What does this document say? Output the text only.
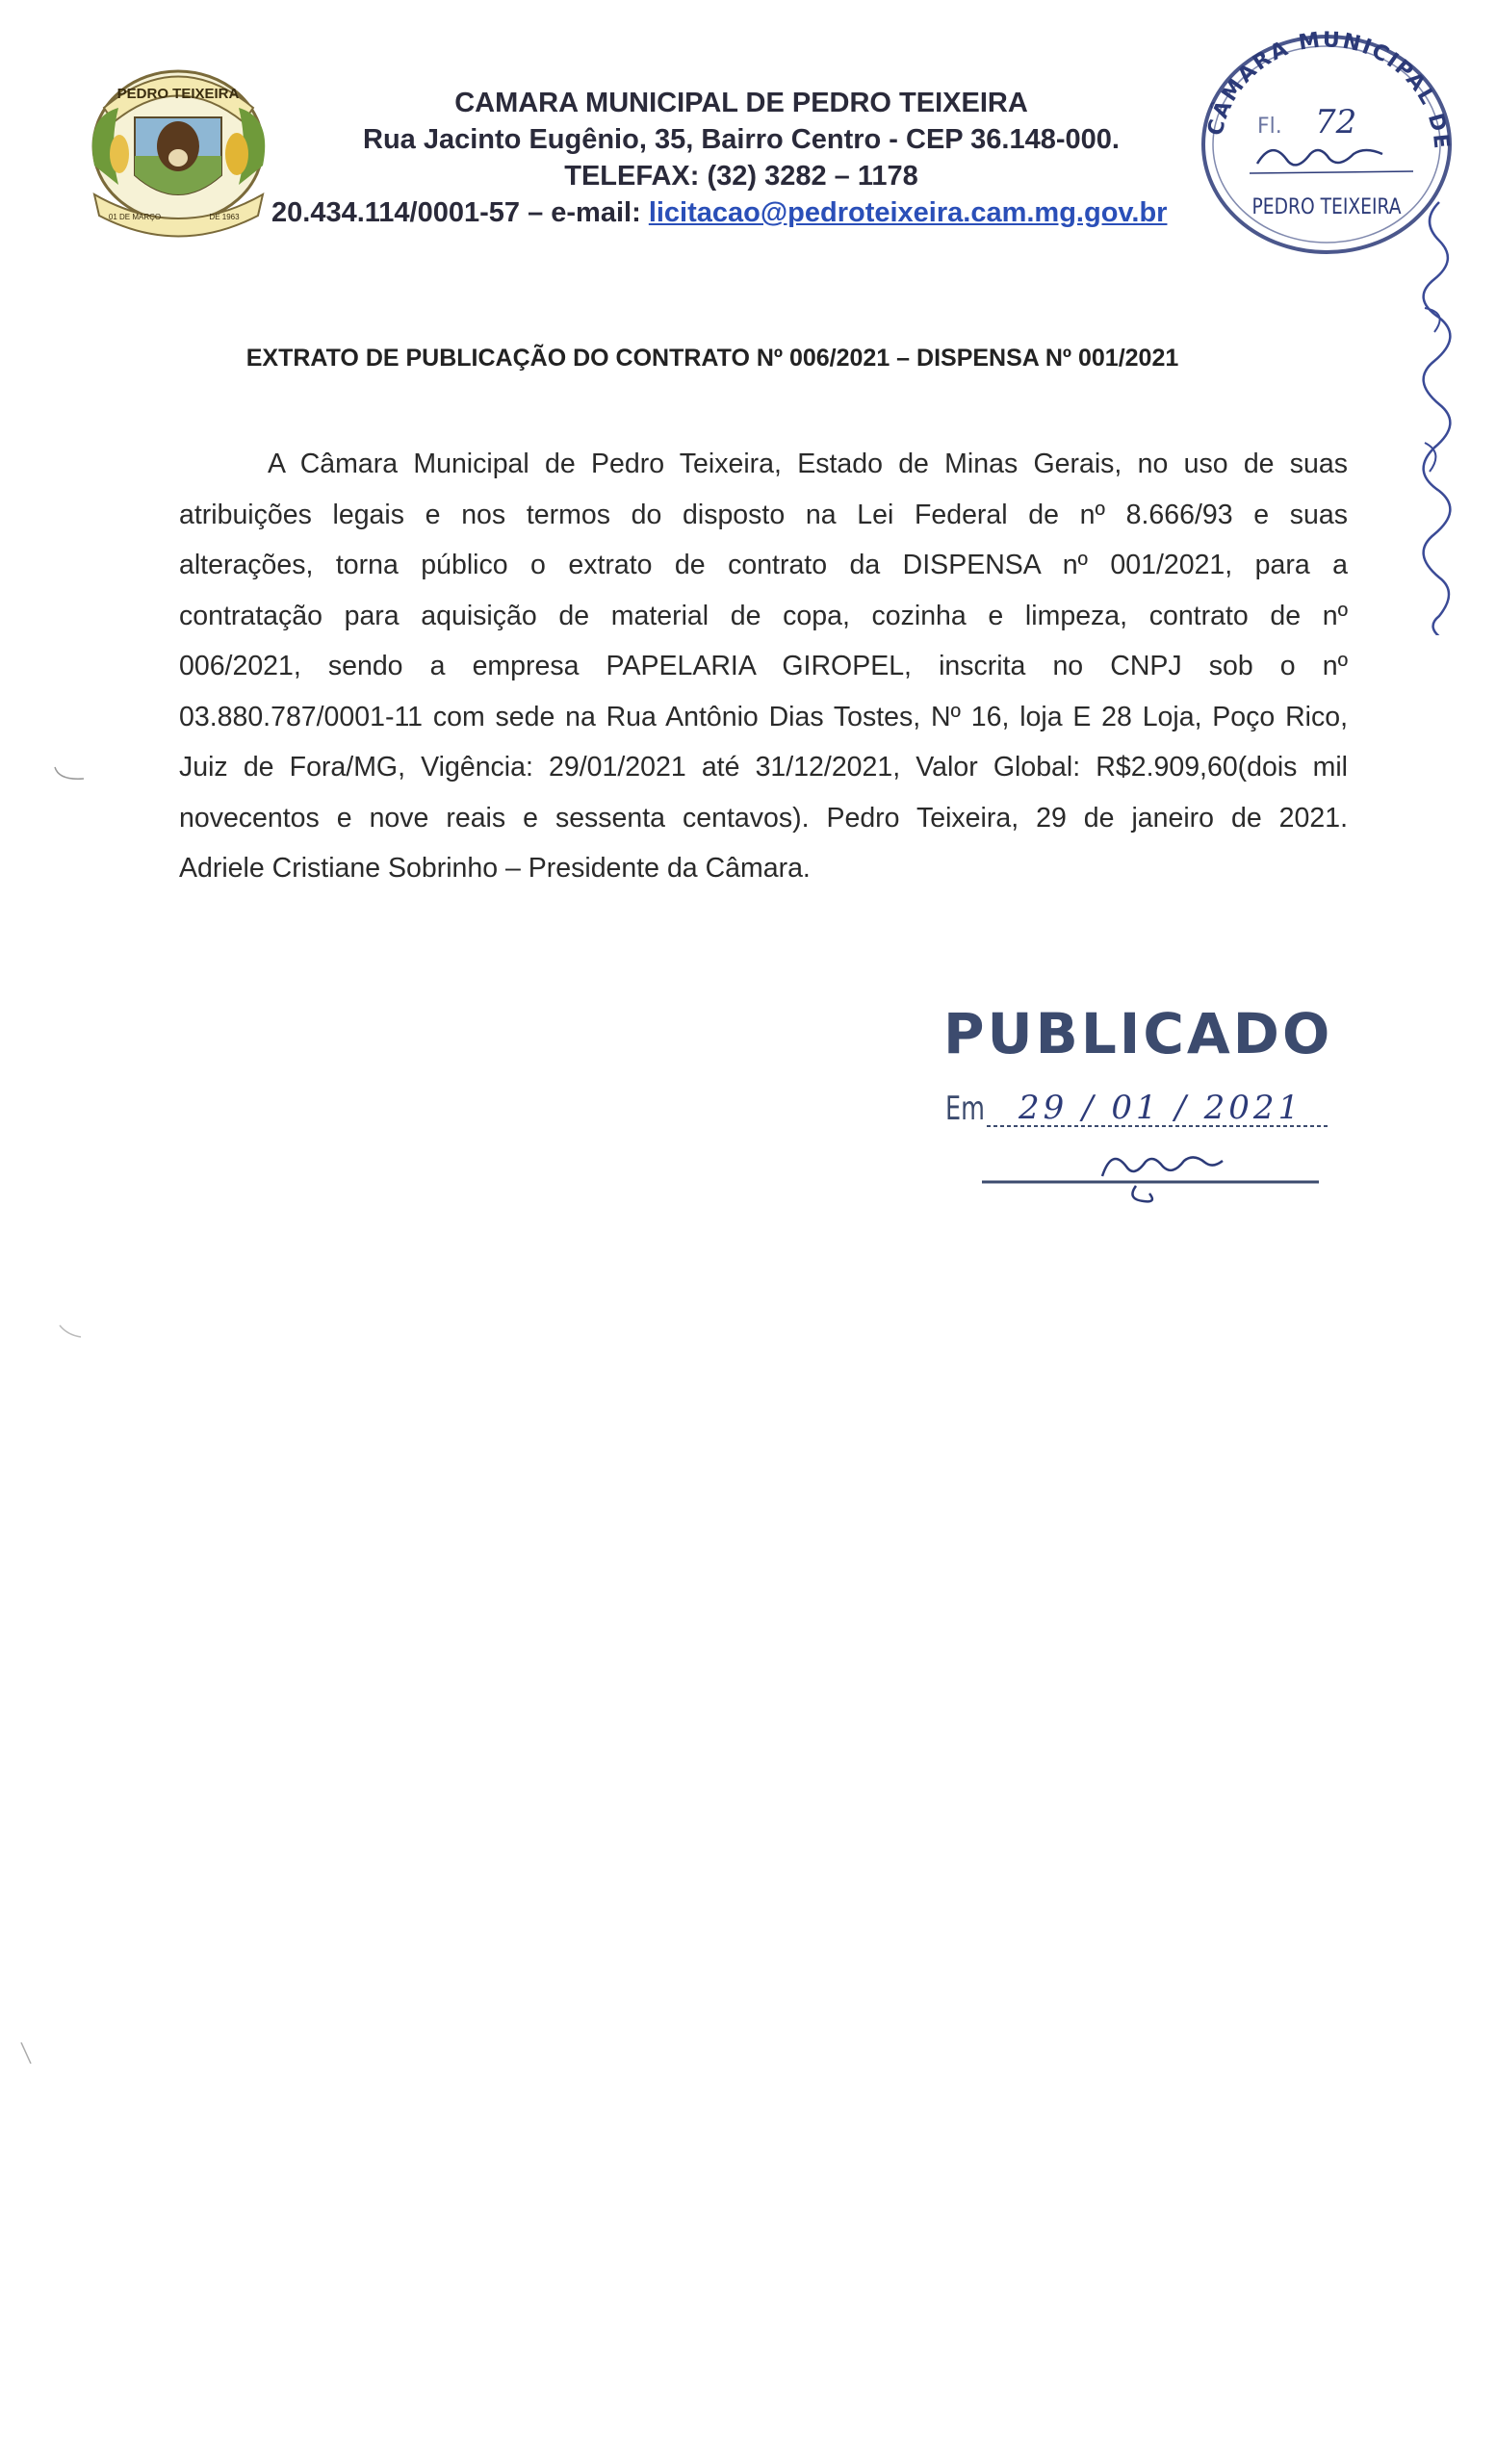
PEDRO TEIXEIRA
01 DE MARÇO	DE 1963
CAMARA MUNICIPAL DE PEDRO TEIXEIRA
Rua Jacinto Eugênio, 35, Bairro Centro - CEP 36.148-000.
TELEFAX: (32) 3282 – 1178
20.434.114/0001-57 – e-mail: licitacao@pedroteixeira.cam.mg.gov.br
CÂMARA MUNICIPAL DE
Fl. 72
PEDRO TEIXEIRA
EXTRATO DE PUBLICAÇÃO DO CONTRATO Nº 006/2021 – DISPENSA Nº 001/2021
A Câmara Municipal de Pedro Teixeira, Estado de Minas Gerais, no uso de suas
atribuições legais e nos termos do disposto na Lei Federal de nº 8.666/93 e suas
alterações, torna público o extrato de contrato da DISPENSA nº 001/2021, para a
contratação para aquisição de material de copa, cozinha e limpeza, contrato de nº
006/2021, sendo a empresa PAPELARIA GIROPEL, inscrita no CNPJ sob o nº
03.880.787/0001-11 com sede na Rua Antônio Dias Tostes, Nº 16, loja E 28 Loja, Poço Rico,
Juiz de Fora/MG, Vigência: 29/01/2021 até 31/12/2021, Valor Global: R$2.909,60(dois mil
novecentos e nove reais e sessenta centavos). Pedro Teixeira, 29 de janeiro de 2021.
Adriele Cristiane Sobrinho – Presidente da Câmara.
PUBLICADO
Em 29 / 01 / 2021
